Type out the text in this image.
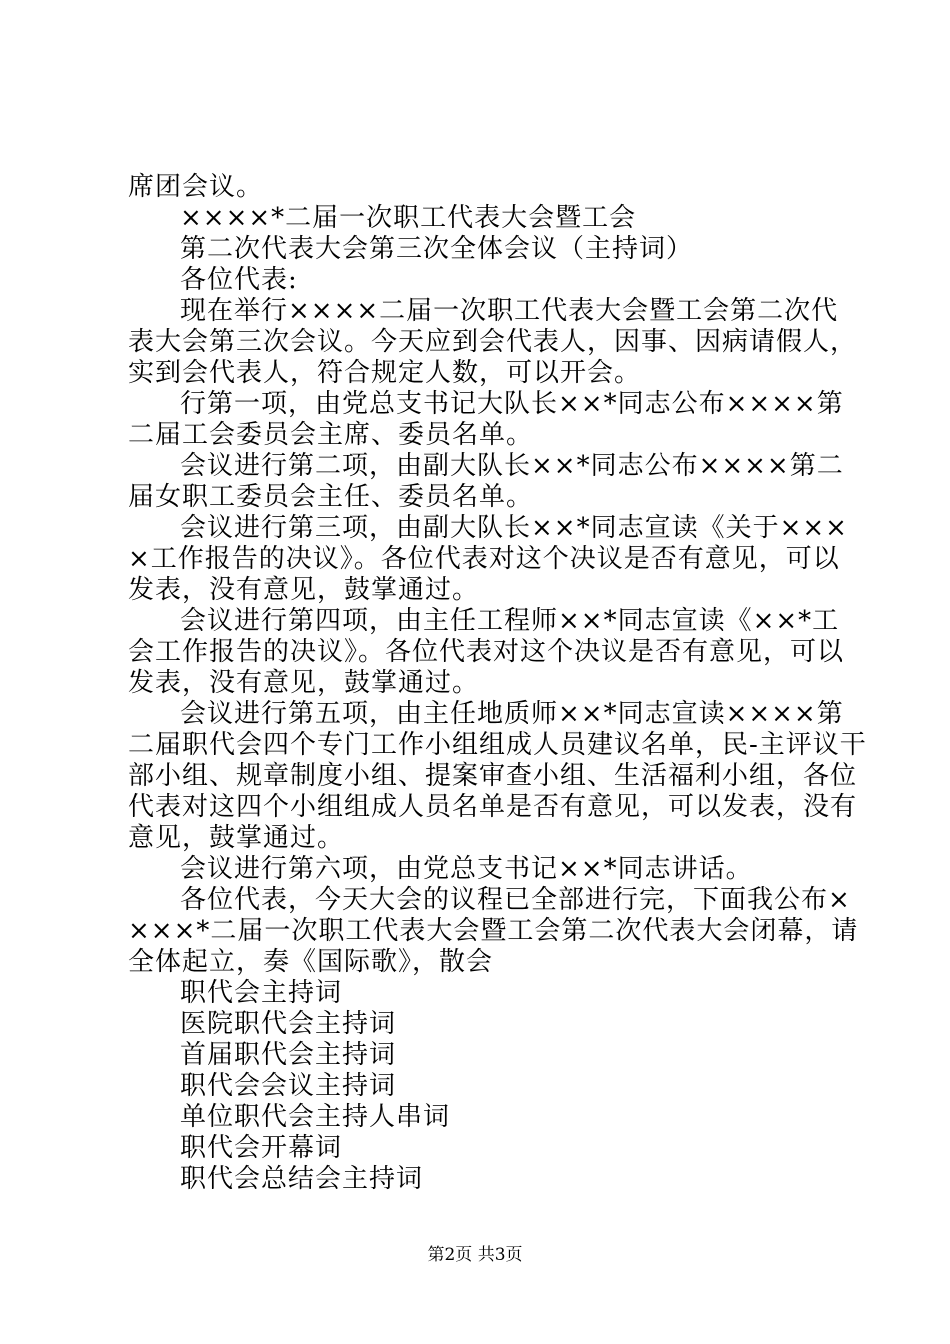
席团会议。
××××*二届一次职工代表大会暨工会
第二次代表大会第三次全体会议（主持词）
各位代表:
现在举行××××二届一次职工代表大会暨工会第二次代
表大会第三次会议。今天应到会代表人，因事、因病请假人，
实到会代表人，符合规定人数，可以开会。
行第一项，由党总支书记大队长××*同志公布××××第
二届工会委员会主席、委员名单。
会议进行第二项，由副大队长××*同志公布××××第二
届女职工委员会主任、委员名单。
会议进行第三项，由副大队长××*同志宣读《关于×××
×工作报告的决议》。各位代表对这个决议是否有意见，可以
发表，没有意见，鼓掌通过。
会议进行第四项，由主任工程师××*同志宣读《××*工
会工作报告的决议》。各位代表对这个决议是否有意见，可以
发表，没有意见，鼓掌通过。
会议进行第五项，由主任地质师××*同志宣读××××第
二届职代会四个专门工作小组组成人员建议名单，民-主评议干
部小组、规章制度小组、提案审查小组、生活福利小组，各位
代表对这四个小组组成人员名单是否有意见，可以发表，没有
意见，鼓掌通过。
会议进行第六项，由党总支书记××*同志讲话。
各位代表，今天大会的议程已全部进行完，下面我公布×
×××*二届一次职工代表大会暨工会第二次代表大会闭幕，请
全体起立，奏《国际歌》，散会
职代会主持词
医院职代会主持词
首届职代会主持词
职代会会议主持词
单位职代会主持人串词
职代会开幕词
职代会总结会主持词
第2页 共3页
